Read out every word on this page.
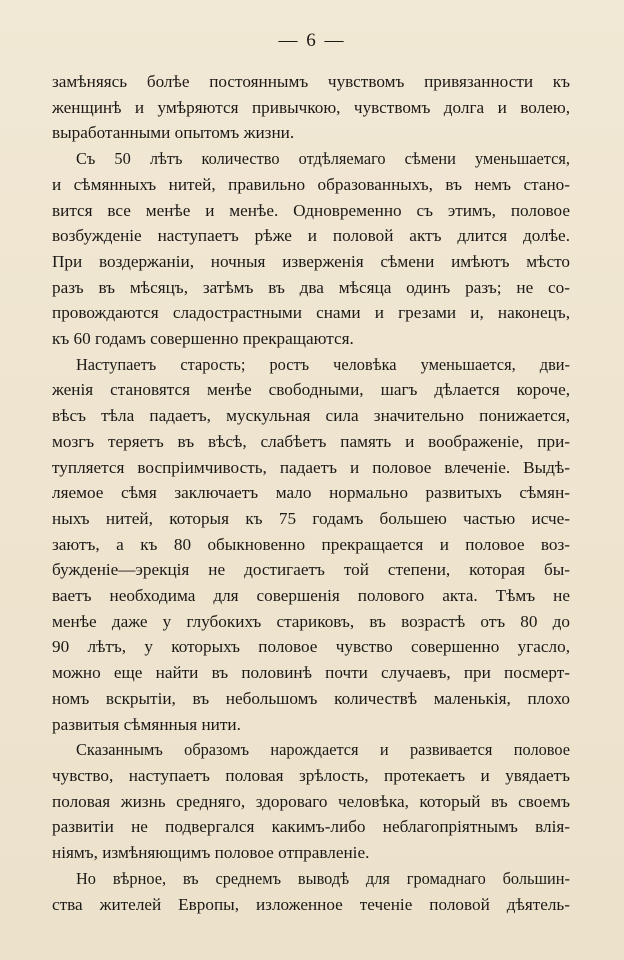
— 6 —
замѣняясь болѣе постояннымъ чувствомъ привязанности къ
женщинѣ и умѣряются привычкою, чувствомъ долга и волею,
выработанными опытомъ жизни.
Съ 50 лѣтъ количество отдѣляемаго сѣмени уменьшается,
и сѣмянныхъ нитей, правильно образованныхъ, въ немъ стано-
вится все менѣе и менѣе. Одновременно съ этимъ, половое
возбужденіе наступаетъ рѣже и половой актъ длится долѣе.
При воздержаніи, ночныя изверженія сѣмени имѣютъ мѣсто
разъ въ мѣсяцъ, затѣмъ въ два мѣсяца одинъ разъ; не со-
провождаются сладострастными снами и грезами и, наконецъ,
къ 60 годамъ совершенно прекращаются.
Наступаетъ старость; ростъ человѣка уменьшается, дви-
женія становятся менѣе свободными, шагъ дѣлается короче,
вѣсъ тѣла падаетъ, мускульная сила значительно понижается,
мозгъ теряетъ въ вѣсѣ, слабѣетъ память и воображеніе, при-
тупляется воспріимчивость, падаетъ и половое влеченіе. Выдѣ-
ляемое сѣмя заключаетъ мало нормально развитыхъ сѣмян-
ныхъ нитей, которыя къ 75 годамъ большею частью исче-
заютъ, а къ 80 обыкновенно прекращается и половое воз-
бужденіе—эрекція не достигаетъ той степени, которая бы-
ваетъ необходима для совершенія полового акта. Тѣмъ не
менѣе даже у глубокихъ стариковъ, въ возрастѣ отъ 80 до
90 лѣтъ, у которыхъ половое чувство совершенно угасло,
можно еще найти въ половинѣ почти случаевъ, при посмерт-
номъ вскрытіи, въ небольшомъ количествѣ маленькія, плохо
развитыя сѣмянныя нити.
Сказаннымъ образомъ нарождается и развивается половое
чувство, наступаетъ половая зрѣлость, протекаетъ и увядаетъ
половая жизнь средняго, здороваго человѣка, который въ своемъ
развитіи не подвергался какимъ-либо неблагопріятнымъ влія-
ніямъ, измѣняющимъ половое отправленіе.
Но вѣрное, въ среднемъ выводѣ для громаднаго большин-
ства жителей Европы, изложенное теченіе половой дѣятель-
